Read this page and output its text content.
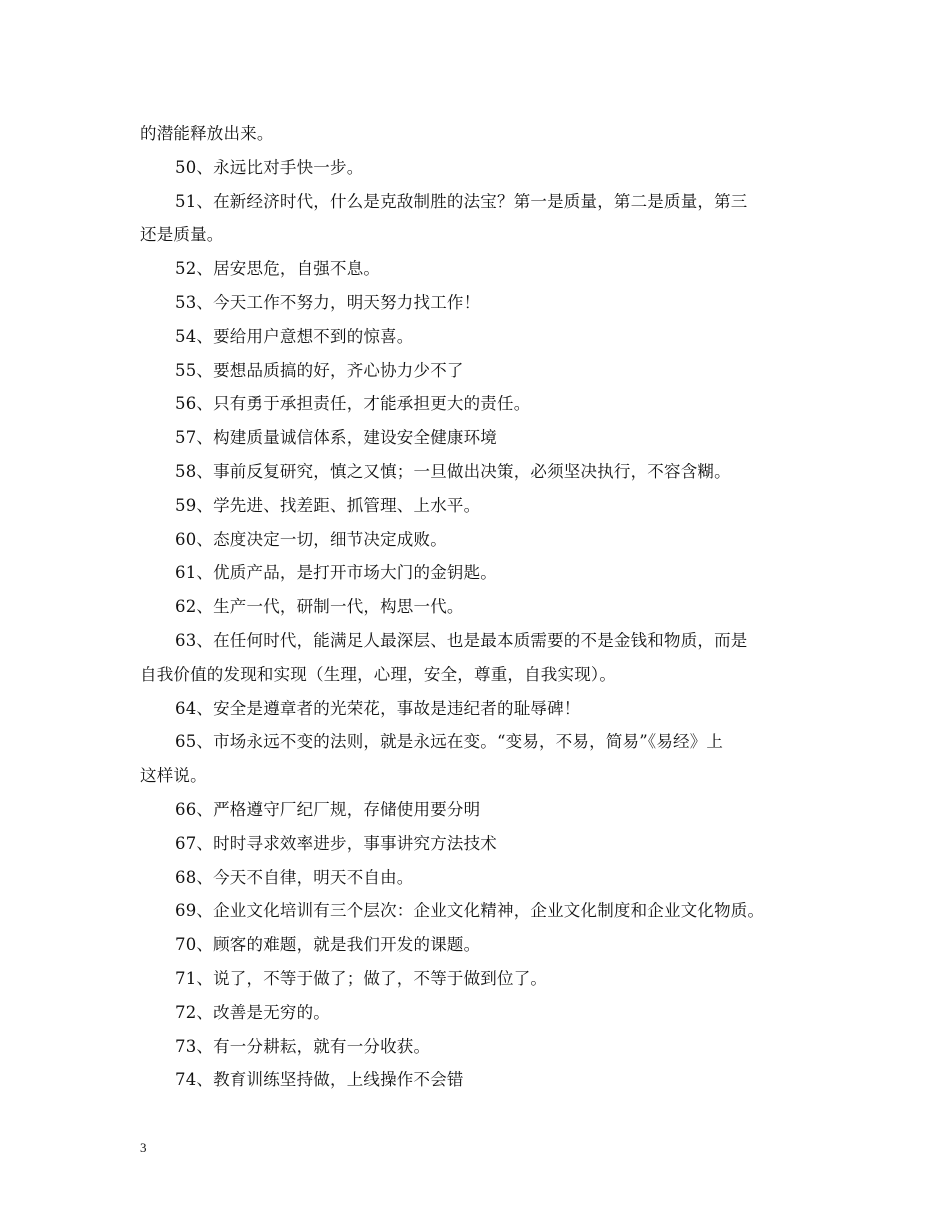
的潜能释放出来。
50、永远比对手快一步。
51、在新经济时代，什么是克敌制胜的法宝？第一是质量，第二是质量，第三
还是质量。
52、居安思危，自强不息。
53、今天工作不努力，明天努力找工作！
54、要给用户意想不到的惊喜。
55、要想品质搞的好，齐心协力少不了
56、只有勇于承担责任，才能承担更大的责任。
57、构建质量诚信体系，建设安全健康环境
58、事前反复研究，慎之又慎；一旦做出决策，必须坚决执行，不容含糊。
59、学先进、找差距、抓管理、上水平。
60、态度决定一切，细节决定成败。
61、优质产品，是打开市场大门的金钥匙。
62、生产一代，研制一代，构思一代。
63、在任何时代，能满足人最深层、也是最本质需要的不是金钱和物质，而是
自我价值的发现和实现（生理，心理，安全，尊重，自我实现）。
64、安全是遵章者的光荣花，事故是违纪者的耻辱碑！
65、市场永远不变的法则，就是永远在变。“变易，不易，简易”《易经》上
这样说。
66、严格遵守厂纪厂规，存储使用要分明
67、时时寻求效率进步，事事讲究方法技术
68、今天不自律，明天不自由。
69、企业文化培训有三个层次：企业文化精神，企业文化制度和企业文化物质。
70、顾客的难题，就是我们开发的课题。
71、说了，不等于做了；做了，不等于做到位了。
72、改善是无穷的。
73、有一分耕耘，就有一分收获。
74、教育训练坚持做，上线操作不会错
3
